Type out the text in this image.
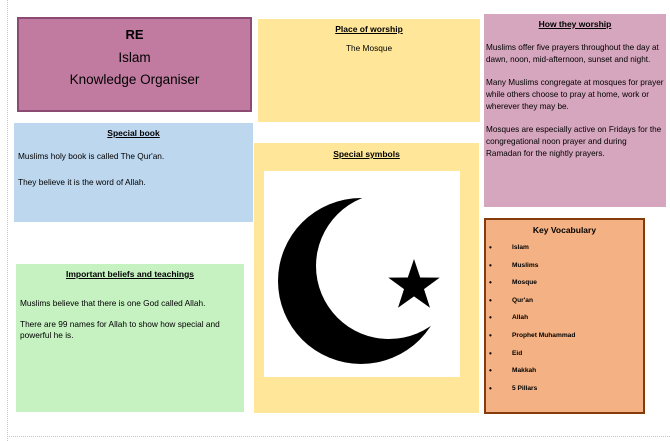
RE
Islam
Knowledge Organiser
Place of worship
The Mosque
How they worship
Muslims offer five prayers throughout the day at dawn, noon, mid-afternoon, sunset and night.
Many Muslims congregate at mosques for prayer while others choose to pray at home, work or wherever they may be.
Mosques are especially active on Fridays for the congregational noon prayer and during Ramadan for the nightly prayers.
Special book
Muslims holy book is called The Qur'an.
They believe it is the word of Allah.
Special symbols
Key Vocabulary
•	Islam
•	Muslims
•	Mosque
•	Qur'an
•	Allah
•	Prophet Muhammad
•	Eid
•	Makkah
•	5 Pillars
Important beliefs and teachings
Muslims believe that there is one God called Allah.
There are 99 names for Allah to show how special and powerful he is.
